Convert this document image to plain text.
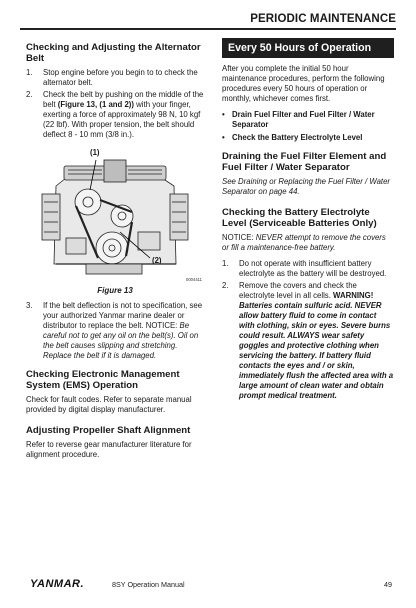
PERIODIC MAINTENANCE
Checking and Adjusting the Alternator Belt
1. Stop engine before you begin to to check the alternator belt.
2. Check the belt by pushing on the middle of the belt (Figure 13, (1 and 2)) with your finger, exerting a force of approximately 98 N, 10 kgf (22 lbf). With proper tension, the belt should deflect 8 - 10 mm (3/8 in.).
(1)
(2)
0004411
Figure 13
3. If the belt deflection is not to specification, see your authorized Yanmar marine dealer or distributor to replace the belt. NOTICE: Be careful not to get any oil on the belt(s). Oil on the belt causes slipping and stretching. Replace the belt if it is damaged.
Checking Electronic Management System (EMS) Operation

Check for fault codes. Refer to separate manual provided by digital display manufacturer.

Adjusting Propeller Shaft Alignment

Refer to reverse gear manufacturer literature for alignment procedure.

Every 50 Hours of Operation

After you complete the initial 50 hour maintenance procedures, perform the following procedures every 50 hours of operation or monthly, whichever comes first.

• Drain Fuel Filter and Fuel Filter / Water Separator
• Check the Battery Electrolyte Level
Draining the Fuel Filter Element and Fuel Filter / Water Separator

See Draining or Replacing the Fuel Filter / Water Separator on page 44.

Checking the Battery Electrolyte Level (Serviceable Batteries Only)

NOTICE: NEVER attempt to remove the covers or fill a maintenance-free battery.

1. Do not operate with insufficient battery electrolyte as the battery will be destroyed.
2. Remove the covers and check the electrolyte level in all cells. WARNING! Batteries contain sulfuric acid. NEVER allow battery fluid to come in contact with clothing, skin or eyes. Severe burns could result. ALWAYS wear safety goggles and protective clothing when servicing the battery. If battery fluid contacts the eyes and / or skin, immediately flush the affected area with a large amount of clean water and obtain prompt medical treatment.
YANMAR.	8SY Operation Manual	49
